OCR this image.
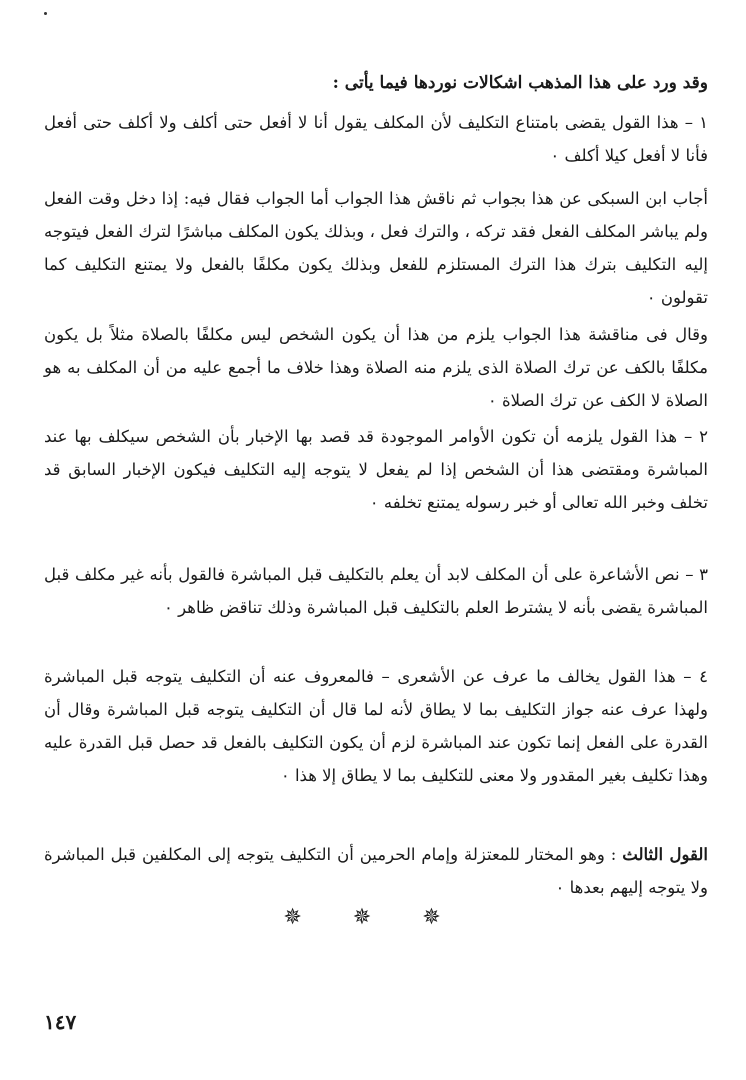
وقد ورد على هذا المذهب اشكالات نوردها فيما يأتى :

١ – هذا القول يقضى بامتناع التكليف لأن المكلف يقول أنا لا أفعل حتى أكلف ولا أكلف حتى أفعل فأنا لا أفعل كيلا أكلف ٠

أجاب ابن السبكى عن هذا بجواب ثم ناقش هذا الجواب أما الجواب فقال فيه: إذا دخل وقت الفعل ولم يباشر المكلف الفعل فقد تركه ، والترك فعل ، وبذلك يكون المكلف مباشرًا لترك الفعل فيتوجه إليه التكليف بترك هذا الترك المستلزم للفعل وبذلك يكون مكلفًا بالفعل ولا يمتنع التكليف كما تقولون ٠

وقال فى مناقشة هذا الجواب يلزم من هذا أن يكون الشخص ليس مكلفًا بالصلاة مثلاً بل يكون مكلفًا بالكف عن ترك الصلاة الذى يلزم منه الصلاة وهذا خلاف ما أجمع عليه من أن المكلف به هو الصلاة لا الكف عن ترك الصلاة ٠

٢ – هذا القول يلزمه أن تكون الأوامر الموجودة قد قصد بها الإخبار بأن الشخص سيكلف بها عند المباشرة ومقتضى هذا أن الشخص إذا لم يفعل لا يتوجه إليه التكليف فيكون الإخبار السابق قد تخلف وخبر الله تعالى أو خبر رسوله يمتنع تخلفه ٠

٣ – نص الأشاعرة على أن المكلف لابد أن يعلم بالتكليف قبل المباشرة فالقول بأنه غير مكلف قبل المباشرة يقضى بأنه لا يشترط العلم بالتكليف قبل المباشرة وذلك تناقض ظاهر ٠

٤ – هذا القول يخالف ما عرف عن الأشعرى – فالمعروف عنه أن التكليف يتوجه قبل المباشرة ولهذا عرف عنه جواز التكليف بما لا يطاق لأنه لما قال أن التكليف يتوجه قبل المباشرة وقال أن القدرة على الفعل إنما تكون عند المباشرة لزم أن يكون التكليف بالفعل قد حصل قبل القدرة عليه وهذا تكليف بغير المقدور ولا معنى للتكليف بما لا يطاق إلا هذا ٠

القول الثالث : وهو المختار للمعتزلة وإمام الحرمين أن التكليف يتوجه إلى المكلفين قبل المباشرة ولا يتوجه إليهم بعدها ٠

✵ ✵ ✵
١٤٧
